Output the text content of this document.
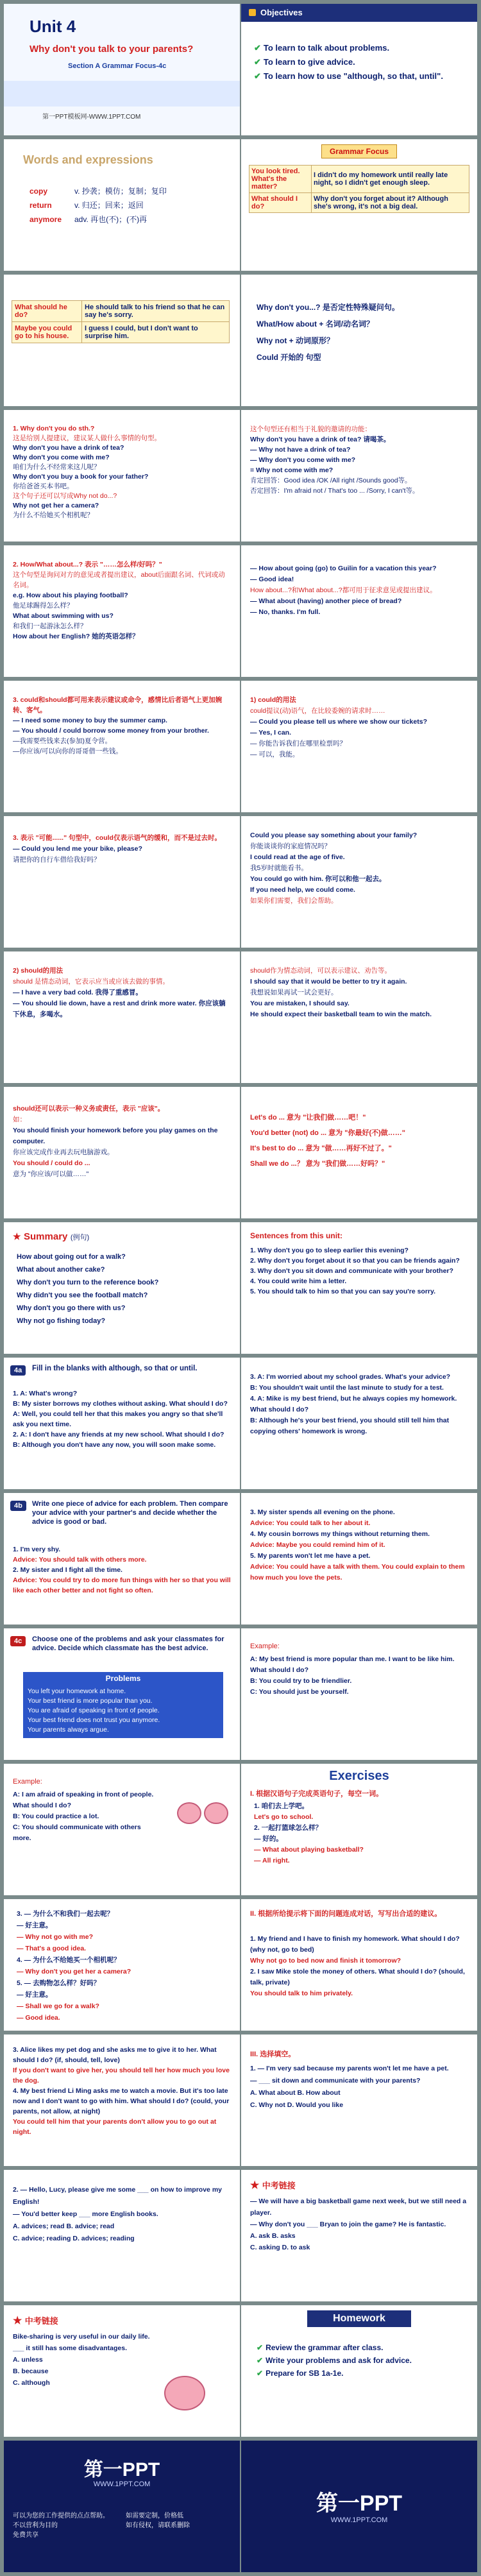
Unit 4
Why don't you talk to your parents?
Section A Grammar Focus-4c
第一PPT模板网-WWW.1PPT.COM
Objectives
✔ To learn to talk about problems.
✔ To learn to give advice.
✔ To learn how to use "although, so that, until".
Words and expressions
copy	v. 抄袭；模仿；复制；复印
return	v. 归还；回来；返回
anymore adv. 再也(不)；(不)再
Grammar Focus
You look tired. What's the matter?	I didn't do my homework until really late night, so I didn't get enough sleep.
What should I do?	Why don't you forget about it? Although she's wrong, it's not a big deal.
What should he do?	He should talk to his friend so that he can say he's sorry.
Maybe you could go to his house.	I guess I could, but I don't want to surprise him.
Why don't you...? 是否定性特殊疑问句。
What/How about + 名词/动名词？
Why not + 动词原形？
Could 开始的 句型
1. Why don't you do sth.?
这是给别人提建议，建议某人做什么事情的句型。
Why don't you have a drink of tea?
Why don't you come with me?
咱们为什么不经常来这儿呢？
Why don't you buy a book for your father?
你给爸爸买本书吧。
这个句子还可以写成Why not do...?
Why not get her a camera?
为什么不给她买个相机呢？
这个句型还有相当于礼貌的邀请的功能：
Why don't you have a drink of tea? 请喝茶。
— Why not have a drink of tea?
— Why don't you come with me?
= Why not come with me?
肯定回答：Good idea /OK /All right /Sounds good等。
否定回答：I'm afraid not / That's too ... /Sorry, I can't等。
2. How/What about...? 表示 "……怎么样/好吗？"
这个句型是询问对方的意见或者提出建议，about后面跟名词、代词或动名词。
e.g. How about his playing football?
他足球踢得怎么样？
What about swimming with us?
和我们一起游泳怎么样？
How about her English? 她的英语怎样？
— How about going (go) to Guilin for a vacation this year?
— Good idea!
How about...?和What about...?都可用于征求意见或提出建议。
— What about (having) another piece of bread?
— No, thanks. I'm full.
3. could和should都可用来表示建议或命令，感情比后者语气上更加婉转、客气。
— I need some money to buy the summer camp.
— You should / could borrow some money from your brother.
—我需要些钱来去(参加)夏令营。
—你应该/可以向你的哥哥借一些钱。
1) could的用法
could提议(动)语气，在比较委婉的请求时……
— Could you please tell us where we show our tickets?
— Yes, I can.
— 你能告诉我们在哪里检票吗？
— 可以，我能。
3. 表示 "可能......" 句型中，could仅表示语气的缓和，而不是过去时。
— Could you lend me your bike, please?
请把你的自行车借给我好吗？
Could you please say something about your family?
你能谈谈你的家庭情况吗？
I could read at the age of five.
我5岁时就能看书。
You could go with him. 你可以和他一起去。
If you need help, we could come.
如果你们需要，我们会帮助。
2) should的用法
should 是情态动词，它表示应当或应该去做的事情。
— I have a very bad cold. 我得了重感冒。
— You should lie down, have a rest and drink more water. 你应该躺下休息，多喝水。
should作为情态动词，可以表示建议、劝告等。
I should say that it would be better to try it again.
我想说如果再试一试会更好。
You are mistaken, I should say.
He should expect their basketball team to win the match.
should还可以表示一种义务或责任，表示 "应该"。
如：
You should finish your homework before you play games on the computer.
你应该完成作业再去玩电脑游戏。
You should / could do ...
意为 "你应该/可以做……"
Let's do ... 意为 "让我们做……吧！"
You'd better (not) do ... 意为 "你最好(不)做……"
It's best to do ... 意为 "做……再好不过了。"
Shall we do ...？ 意为 "我们做……好吗？"
★ Summary (例句)
How about going out for a walk?
What about another cake?
Why don't you turn to the reference book?
Why didn't you see the football match?
Why don't you go there with us?
Why not go fishing today?
Sentences from this unit:
1. Why don't you go to sleep earlier this evening?
2. Why don't you forget about it so that you can be friends again?
3. Why don't you sit down and communicate with your brother?
4. You could write him a letter.
5. You should talk to him so that you can say you're sorry.
4a	Fill in the blanks with although, so that or until.
1. A: What's wrong?
B: My sister borrows my clothes without asking. What should I do?
A: Well, you could tell her that this makes you angry so that she'll ask you next time.
2. A: I don't have any friends at my new school. What should I do?
B: Although you don't have any now, you will soon make some.
3. A: I'm worried about my school grades. What's your advice?
B: You shouldn't wait until the last minute to study for a test.
4. A: Mike is my best friend, but he always copies my homework. What should I do?
B: Although he's your best friend, you should still tell him that copying others' homework is wrong.
4b	Write one piece of advice for each problem. Then compare your advice with your partner's and decide whether the advice is good or bad.
1. I'm very shy.
Advice: You should talk with others more.
2. My sister and I fight all the time.
Advice: You could try to do more fun things with her so that you will like each other better and not fight so often.
3. My sister spends all evening on the phone.
Advice: You could talk to her about it.
4. My cousin borrows my things without returning them.
Advice: Maybe you could remind him of it.
5. My parents won't let me have a pet.
Advice: You could have a talk with them. You could explain to them how much you love the pets.
4c	Choose one of the problems and ask your classmates for advice. Decide which classmate has the best advice.
Problems
You left your homework at home.
Your best friend is more popular than you.
You are afraid of speaking in front of people.
Your best friend does not trust you anymore.
Your parents always argue.
Example:
A: My best friend is more popular than me. I want to be like him. What should I do?
B: You could try to be friendlier.
C: You should just be yourself.
Example:
A: I am afraid of speaking in front of people. What should I do?
B: You could practice a lot.
C: You should communicate with others more.
Exercises
I. 根据汉语句子完成英语句子，每空一词。
1. 咱们去上学吧。
Let's go to school.
2. 一起打篮球怎么样？
— 好的。
— What about playing basketball?
— All right.
3. — 为什么不和我们一起去呢？
— 好主意。
— Why not go with me?
— That's a good idea.
4. — 为什么不给她买一个相机呢？
— Why don't you get her a camera?
5. — 去购物怎么样？好吗？
— 好主意。
— Shall we go for a walk?
— Good idea.
II. 根据所给提示将下面的问题连成对话，写写出合适的建议。
1. My friend and I have to finish my homework. What should I do? (why not, go to bed)
Why not go to bed now and finish it tomorrow?
2. I saw Mike stole the money of others. What should I do? (should, talk, private)
You should talk to him privately.
3. Alice likes my pet dog and she asks me to give it to her. What should I do? (if, should, tell, love)
If you don't want to give her, you should tell her how much you love the dog.
4. My best friend Li Ming asks me to watch a movie. But it's too late now and I don't want to go with him. What should I do? (could, your parents, not allow, at night)
You could tell him that your parents don't allow you to go out at night.
III. 选择填空。
1. — I'm very sad because my parents won't let me have a pet.
— ___ sit down and communicate with your parents?
A. What about B. How about
C. Why not D. Would you like
2. — Hello, Lucy, please give me some ___ on how to improve my English!
— You'd better keep ___ more English books.
A. advices; read B. advice; read
C. advice; reading D. advices; reading
★ 中考链接
— We will have a big basketball game next week, but we still need a player.
— Why don't you ___ Bryan to join the game? He is fantastic.
A. ask B. asks
C. asking D. to ask
★ 中考链接
Bike-sharing is very useful in our daily life. ___ it still has some disadvantages.
A. unless
B. because
C. although
Homework
✔ Review the grammar after class.
✔ Write your problems and ask for advice.
✔ Prepare for SB 1a-1e.
第一PPT
WWW.1PPT.COM
可以为您的工作提供的点点帮助。
不以营利为目的
免费共享
如需要定制，价格低
如有侵权，请联系删除
第一PPT
WWW.1PPT.COM
